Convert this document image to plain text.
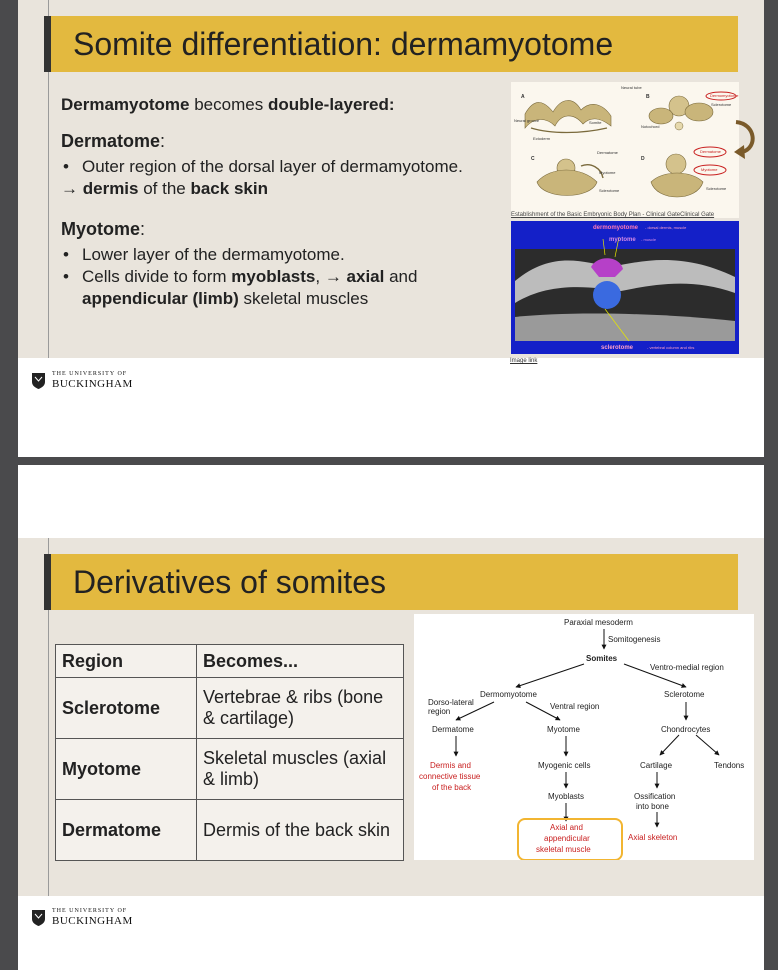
Somite differentiation: dermamyotome

Dermamyotome becomes double-layered:

Dermatome:
• Outer region of the dorsal layer of dermamyotome.
→ dermis of the back skin
Myotome:
• Lower layer of the dermamyotome.
• Cells divide to form myoblasts, → axial and appendicular (limb) skeletal muscles
A
Ectoderm
Neural groove	Somite
B
Neural tube
Dermomyotome
Sclerotome
Notochord
C
Dermatome
Myotome
Sclerotome
D
Dermatome
Myotome
Sclerotome
Establishment of the Basic Embryonic Body Plan - Clinical GateClinical Gate
dermomyotome - dorsal dermis, muscle
myotome - muscle
sclerotome	- vertebral column and ribs
Image link
THE UNIVERSITY OF
BUCKINGHAM
Derivatives of somites
Region	Becomes...
Sclerotome	Vertebrae & ribs (bone & cartilage)
Myotome	Skeletal muscles (axial & limb)
Dermatome	Dermis of the back skin
Paraxial mesoderm
Somitogenesis
Somites
Ventro-medial region
Dermomyotome	Sclerotome
Dorso-lateral
region
Ventral region
Dermatome	Myotome	Chondrocytes
Dermis and
connective tissue
of the back
Myogenic cells	Cartilage	Tendons
Myoblasts	Ossification
into bone
Axial and
appendicular
skeletal muscle
Axial skeleton
THE UNIVERSITY OF
BUCKINGHAM
